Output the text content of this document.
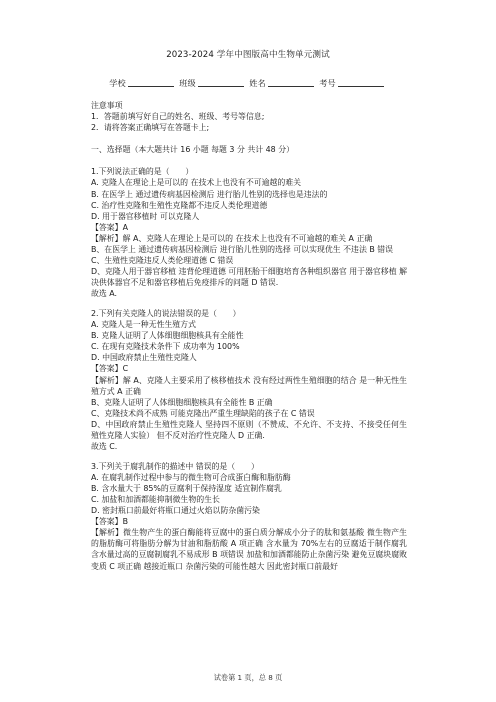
2023-2024 学年中图版高中生物单元测试
学校	班级	姓名	考号
注意事项
1．答题前填写好自己的姓名、班级、考号等信息;
2．请将答案正确填写在答题卡上;
一、选择题（本大题共计 16 小题 每题 3 分 共计 48 分）
1.下列说法正确的是（　　）
A. 克隆人在理论上是可以的 在技术上也没有不可逾越的难关
B. 在医学上 通过遗传病基因检测后 进行胎儿性别的选择也是违法的
C. 治疗性克隆和生殖性克隆都不违反人类伦理道德
D. 用于器官移植时 可以克隆人
【答案】A
【解析】解 A、克隆人在理论上是可以的 在技术上也没有不可逾越的难关 A 正确
B、在医学上 通过遗传病基因检测后 进行胎儿性别的选择 可以实现优生 不违法 B 错误
C、生殖性克隆违反人类伦理道德 C 错误
D、克隆人用于器官移植 违背伦理道德 可用胚胎干细胞培育各种组织器官 用于器官移植 解决供体器官不足和器官移植后免疫排斥的问题 D 错误.
故选 A.
2.下列有关克隆人的说法错误的是（　　）
A. 克隆人是一种无性生殖方式
B. 克隆人证明了人体细胞细胞核具有全能性
C. 在现有克隆技术条件下 成功率为 100%
D. 中国政府禁止生殖性克隆人
【答案】C
【解析】解 A、克隆人主要采用了核移植技术 没有经过两性生殖细胞的结合 是一种无性生殖方式 A 正确
B、克隆人证明了人体细胞细胞核具有全能性 B 正确
C、克隆技术尚不成熟 可能克隆出严重生理缺陷的孩子在 C 错误
D、中国政府禁止生殖性克隆人 坚持四不原则（不赞成、不允许、不支持、不接受任何生殖性克隆人实验） 但不反对治疗性克隆人 D 正确.
故选 C.
3.下列关于腐乳制作的描述中 错误的是（　　）
A. 在腐乳制作过程中参与的微生物可合成蛋白酶和脂肪酶
B. 含水量大于 85%的豆腐利于保持湿度 适宜制作腐乳
C. 加盐和加酒都能抑制微生物的生长
D. 密封瓶口前最好将瓶口通过火焰以防杂菌污染
【答案】B
【解析】微生物产生的蛋白酶能将豆腐中的蛋白质分解成小分子的肽和氨基酸 微生物产生的脂肪酶可将脂肪分解为甘油和脂肪酸 A 项正确 含水量为 70%左右的豆腐适于制作腐乳 含水量过高的豆腐制腐乳不易成形 B 项错误 加盐和加酒都能防止杂菌污染 避免豆腐块腐败变质 C 项正确 越接近瓶口 杂菌污染的可能性越大 因此密封瓶口前最好
试卷第 1 页，总 8 页
